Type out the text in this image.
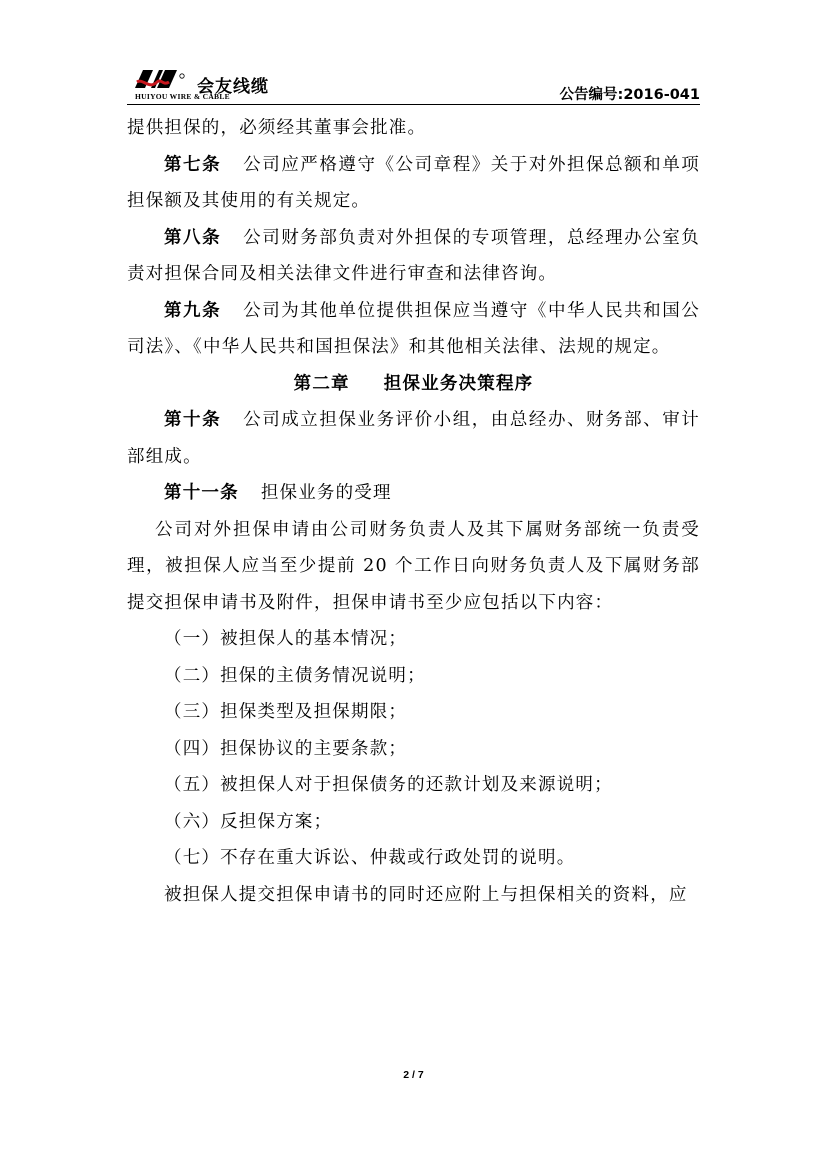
会友线缆
HUIYOU WIRE & CABLE	公告编号:2016-041

提供担保的，必须经其董事会批准。

第七条 公司应严格遵守《公司章程》关于对外担保总额和单项担保额及其使用的有关规定。

第八条 公司财务部负责对外担保的专项管理，总经理办公室负责对担保合同及相关法律文件进行审查和法律咨询。

第九条 公司为其他单位提供担保应当遵守《中华人民共和国公司法》、《中华人民共和国担保法》和其他相关法律、法规的规定。

第二章 担保业务决策程序

第十条 公司成立担保业务评价小组，由总经办、财务部、审计部组成。

第十一条 担保业务的受理

公司对外担保申请由公司财务负责人及其下属财务部统一负责受理，被担保人应当至少提前 20 个工作日向财务负责人及下属财务部提交担保申请书及附件，担保申请书至少应包括以下内容：

（一）被担保人的基本情况；

（二）担保的主债务情况说明；

（三）担保类型及担保期限；

（四）担保协议的主要条款；

（五）被担保人对于担保债务的还款计划及来源说明；

（六）反担保方案；

（七）不存在重大诉讼、仲裁或行政处罚的说明。

被担保人提交担保申请书的同时还应附上与担保相关的资料，应

2 / 7
